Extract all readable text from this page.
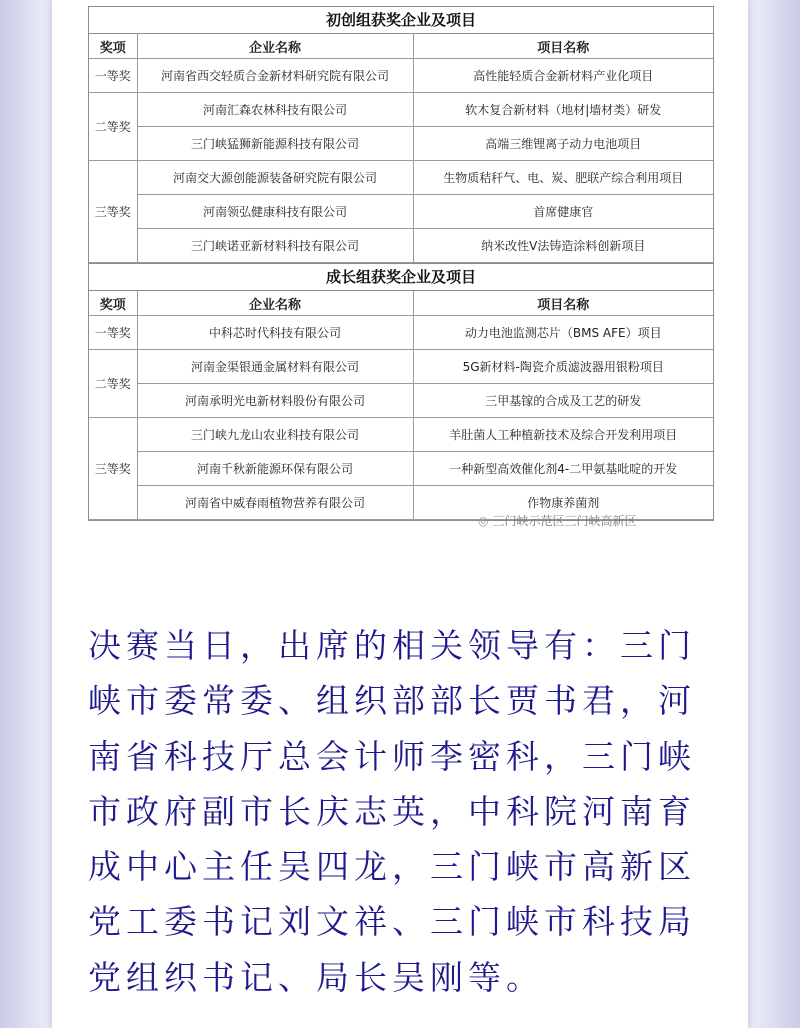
初创组获奖企业及项目
奖项	企业名称	项目名称
一等奖	河南省西交轻质合金新材料研究院有限公司	高性能轻质合金新材料产业化项目
二等奖	河南汇森农林科技有限公司	软木复合新材料（地材|墙材类）研发
	三门峡猛狮新能源科技有限公司	高端三维锂离子动力电池项目
三等奖	河南交大源创能源装备研究院有限公司	生物质秸秆气、电、炭、肥联产综合利用项目
	河南领弘健康科技有限公司	首席健康官
	三门峡诺亚新材料科技有限公司	纳米改性V法铸造涂料创新项目
成长组获奖企业及项目
奖项	企业名称	项目名称
一等奖	中科芯时代科技有限公司	动力电池监测芯片（BMS AFE）项目
二等奖	河南金渠银通金属材料有限公司	5G新材料-陶瓷介质滤波器用银粉项目
	河南承明光电新材料股份有限公司	三甲基镓的合成及工艺的研发
三等奖	三门峡九龙山农业科技有限公司	羊肚菌人工种植新技术及综合开发利用项目
	河南千秋新能源环保有限公司	一种新型高效催化剂4-二甲氨基吡啶的开发
	河南省中威春雨植物营养有限公司	作物康养菌剂
◎ 三门峡示范区三门峡高新区
决赛当日，出席的相关领导有：三门
峡市委常委、组织部部长贾书君，河
南省科技厅总会计师李密科，三门峡
市政府副市长庆志英，中科院河南育
成中心主任吴四龙，三门峡市高新区
党工委书记刘文祥、三门峡市科技局
党组织书记、局长吴刚等。
